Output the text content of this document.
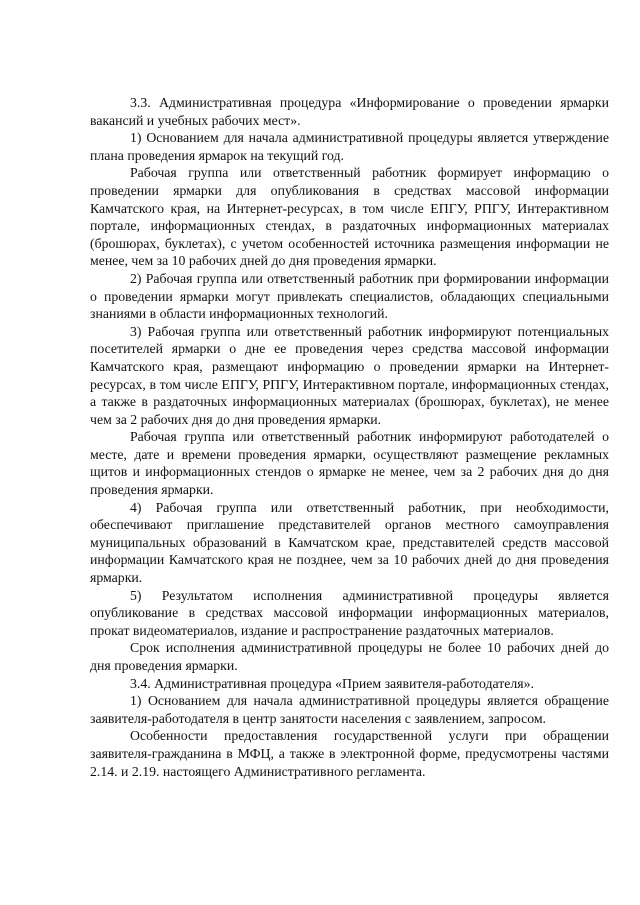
3.3. Административная процедура «Информирование о проведении ярмарки вакансий и учебных рабочих мест».

1) Основанием для начала административной процедуры является утверждение плана проведения ярмарок на текущий год.

Рабочая группа или ответственный работник формирует информацию о проведении ярмарки для опубликования в средствах массовой информации Камчатского края, на Интернет-ресурсах, в том числе ЕПГУ, РПГУ, Интерактивном портале, информационных стендах, в раздаточных информационных материалах (брошюрах, буклетах), с учетом особенностей источника размещения информации не менее, чем за 10 рабочих дней до дня проведения ярмарки.

2) Рабочая группа или ответственный работник при формировании информации о проведении ярмарки могут привлекать специалистов, обладающих специальными знаниями в области информационных технологий.

3) Рабочая группа или ответственный работник информируют потенциальных посетителей ярмарки о дне ее проведения через средства массовой информации Камчатского края, размещают информацию о проведении ярмарки на Интернет-ресурсах, в том числе ЕПГУ, РПГУ, Интерактивном портале, информационных стендах, а также в раздаточных информационных материалах (брошюрах, буклетах), не менее чем за 2 рабочих дня до дня проведения ярмарки.

Рабочая группа или ответственный работник информируют работодателей о месте, дате и времени проведения ярмарки, осуществляют размещение рекламных щитов и информационных стендов о ярмарке не менее, чем за 2 рабочих дня до дня проведения ярмарки.

4) Рабочая группа или ответственный работник, при необходимости, обеспечивают приглашение представителей органов местного самоуправления муниципальных образований в Камчатском крае, представителей средств массовой информации Камчатского края не позднее, чем за 10 рабочих дней до дня проведения ярмарки.

5) Результатом исполнения административной процедуры является опубликование в средствах массовой информации информационных материалов, прокат видеоматериалов, издание и распространение раздаточных материалов.

Срок исполнения административной процедуры не более 10 рабочих дней до дня проведения ярмарки.

3.4. Административная процедура «Прием заявителя-работодателя».

1) Основанием для начала административной процедуры является обращение заявителя-работодателя в центр занятости населения с заявлением, запросом.

Особенности предоставления государственной услуги при обращении заявителя-гражданина в МФЦ, а также в электронной форме, предусмотрены частями 2.14. и 2.19. настоящего Административного регламента.
